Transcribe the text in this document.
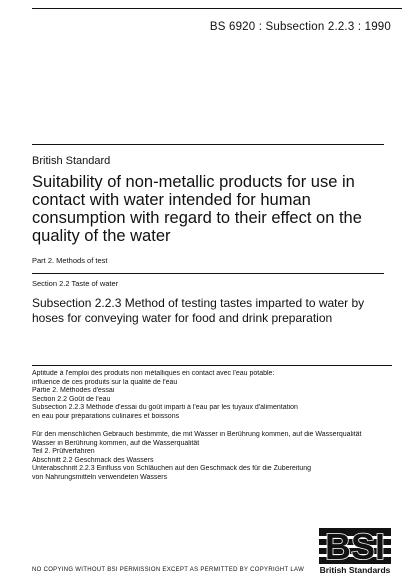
BS 6920 : Subsection 2.2.3 : 1990
British Standard
Suitability of non-metallic products for use in contact with water intended for human consumption with regard to their effect on the quality of the water
Part 2. Methods of test
Section 2.2 Taste of water
Subsection 2.2.3 Method of testing tastes imparted to water by hoses for conveying water for food and drink preparation
Aptitude à l'emploi des produits non métalliques en contact avec l'eau potable:
influence de ces produits sur la qualité de l'eau
Partie 2. Méthodes d'essai
Section 2.2 Goût de l'eau
Subsection 2.2.3 Méthode d'essai du goût imparti à l'eau par les tuyaux d'alimentation
en eau pour préparations culinaires et boissons
Für den menschlichen Gebrauch bestimmte, die mit Wasser in Berührung kommen, auf die Wasserqualität
Wasser in Berührung kommen, auf die Wasserqualität
Teil 2. Prüfverfahren
Abschnitt 2.2 Geschmack des Wassers
Unterabschnitt 2.2.3 Einfluss von Schläuchen auf den Geschmack des für die Zubereitung
von Nahrungsmitteln verwendeten Wassers
NO COPYING WITHOUT BSI PERMISSION EXCEPT AS PERMITTED BY COPYRIGHT LAW
BSI
British Standards
